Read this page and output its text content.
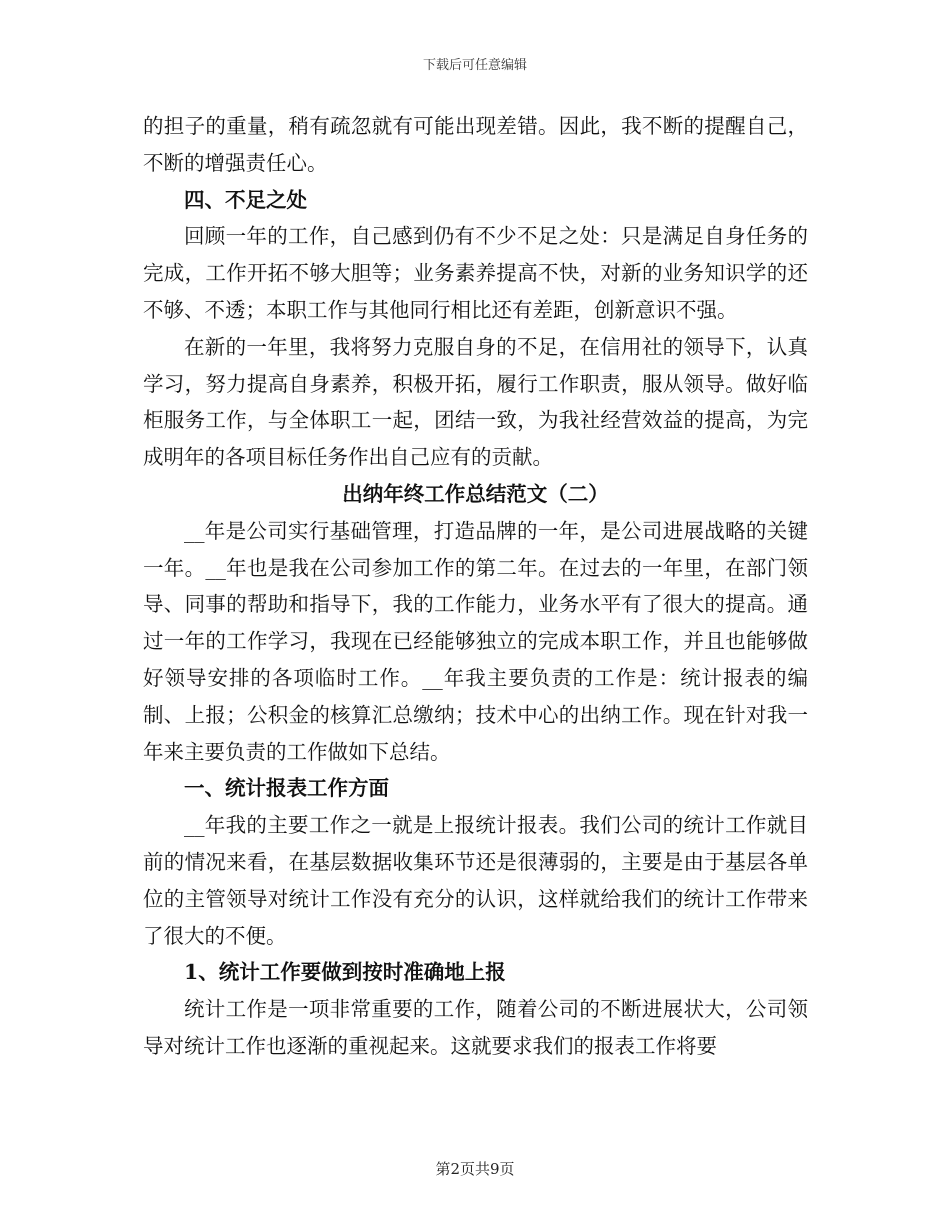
下载后可任意编辑

的担子的重量，稍有疏忽就有可能出现差错。因此，我不断的提醒自己，不断的增强责任心。

四、不足之处

回顾一年的工作，自己感到仍有不少不足之处：只是满足自身任务的完成，工作开拓不够大胆等；业务素养提高不快，对新的业务知识学的还不够、不透；本职工作与其他同行相比还有差距，创新意识不强。

在新的一年里，我将努力克服自身的不足，在信用社的领导下，认真学习，努力提高自身素养，积极开拓，履行工作职责，服从领导。做好临柜服务工作，与全体职工一起，团结一致，为我社经营效益的提高，为完成明年的各项目标任务作出自己应有的贡献。

出纳年终工作总结范文（二）

__年是公司实行基础管理，打造品牌的一年，是公司进展战略的关键一年。__年也是我在公司参加工作的第二年。在过去的一年里，在部门领导、同事的帮助和指导下，我的工作能力，业务水平有了很大的提高。通过一年的工作学习，我现在已经能够独立的完成本职工作，并且也能够做好领导安排的各项临时工作。__年我主要负责的工作是：统计报表的编制、上报；公积金的核算汇总缴纳；技术中心的出纳工作。现在针对我一年来主要负责的工作做如下总结。

一、统计报表工作方面

__年我的主要工作之一就是上报统计报表。我们公司的统计工作就目前的情况来看，在基层数据收集环节还是很薄弱的，主要是由于基层各单位的主管领导对统计工作没有充分的认识，这样就给我们的统计工作带来了很大的不便。

1、统计工作要做到按时准确地上报

统计工作是一项非常重要的工作，随着公司的不断进展状大，公司领导对统计工作也逐渐的重视起来。这就要求我们的报表工作将要

第2页共9页
